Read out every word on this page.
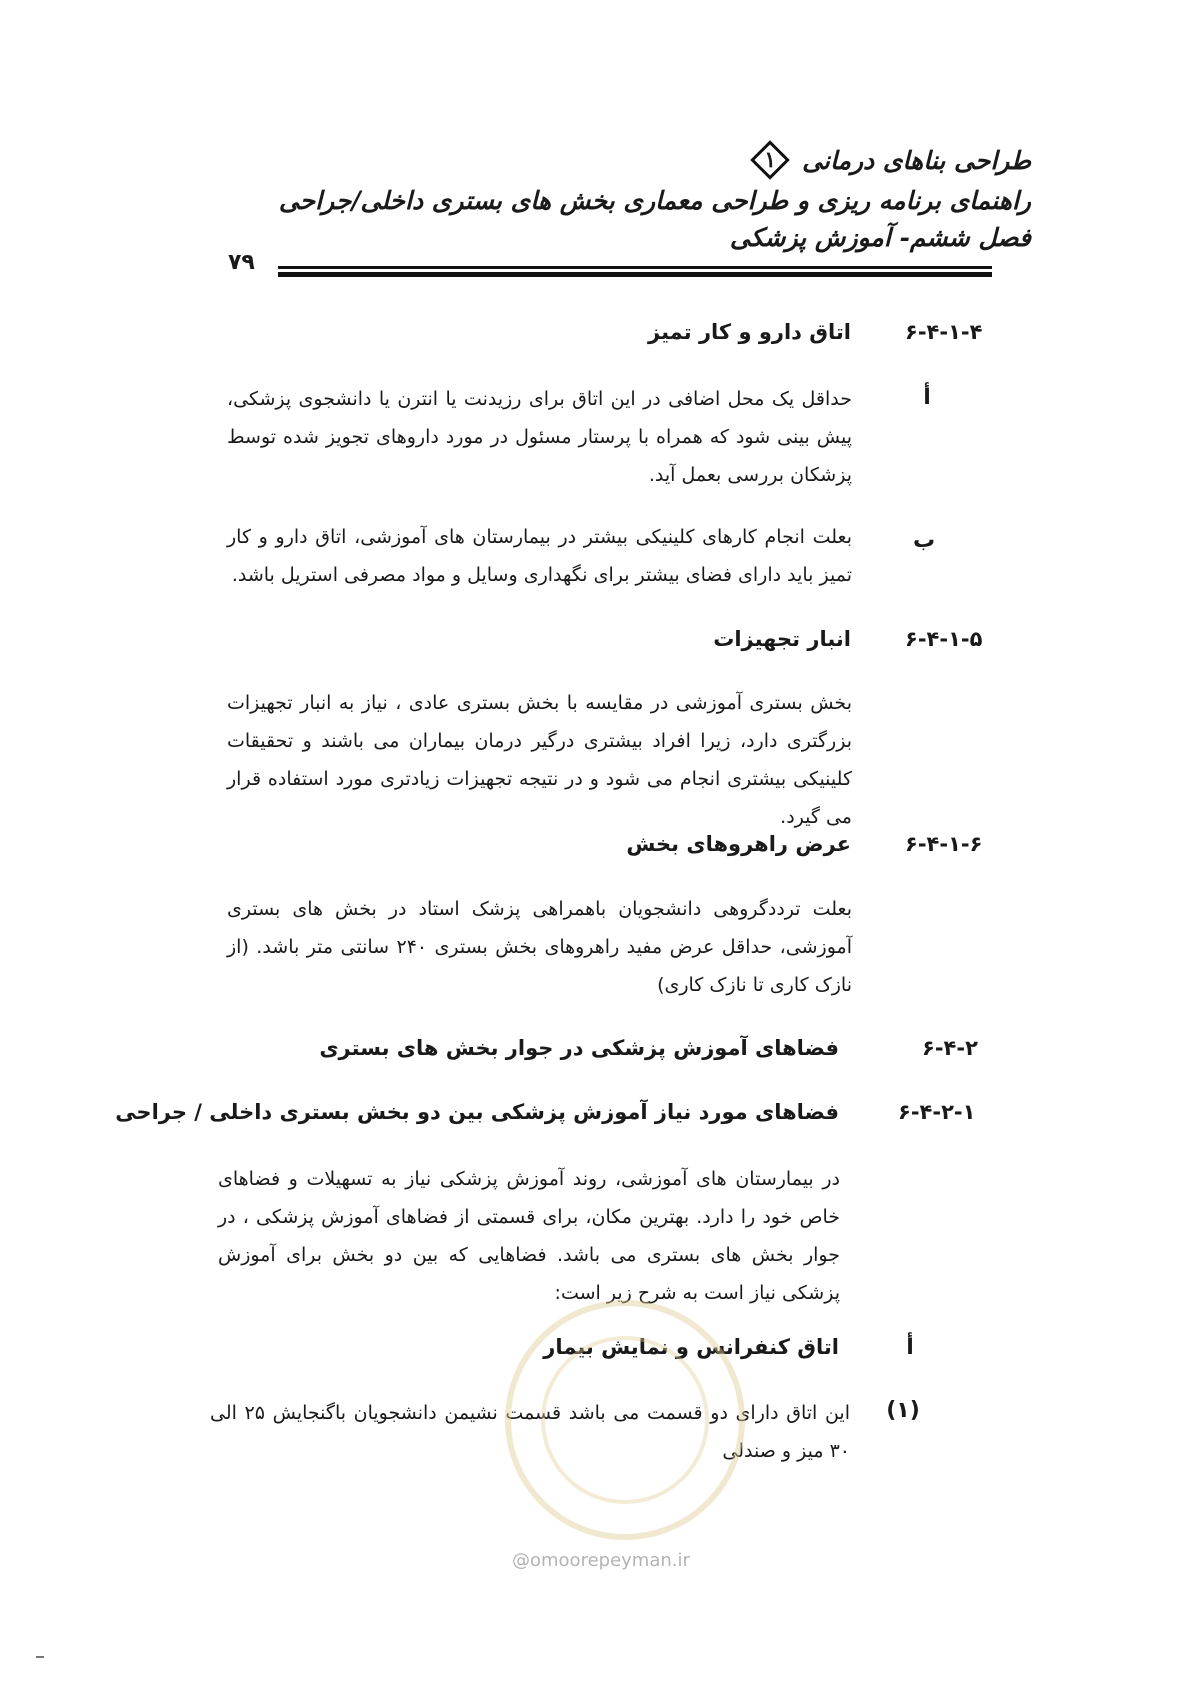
طراحی بناهای درمانی
۱
راهنمای برنامه ریزی و طراحی معماری بخش های بستری داخلی/جراحی
فصل ششم- آموزش پزشکی
۷۹
۶-۴-۱-۴
اتاق دارو و کار تمیز
أ
حداقل یک محل اضافی در این اتاق برای رزیدنت یا انترن یا دانشجوی پزشکی، پیش بینی شود که همراه با پرستار مسئول در مورد داروهای تجویز شده توسط پزشکان بررسی بعمل آید.
ب
بعلت انجام کارهای کلینیکی بیشتر در بیمارستان های آموزشی، اتاق دارو و کار تمیز باید دارای فضای بیشتر برای نگهداری وسایل و مواد مصرفی استریل باشد.
۶-۴-۱-۵
انبار تجهیزات
بخش بستری آموزشی در مقایسه با بخش بستری عادی ، نیاز به انبار تجهیزات بزرگتری دارد، زیرا افراد بیشتری درگیر درمان بیماران می باشند و تحقیقات کلینیکی بیشتری انجام می شود و در نتیجه تجهیزات زیادتری مورد استفاده قرار می گیرد.
۶-۴-۱-۶
عرض راهروهای بخش
بعلت ترددگروهی دانشجویان باهمراهی پزشک استاد در بخش های بستری آموزشی، حداقل عرض مفید راهروهای بخش بستری ۲۴۰ سانتی متر باشد. (از نازک کاری تا نازک کاری)
۶-۴-۲
فضاهای آموزش پزشکی در جوار بخش های بستری
۶-۴-۲-۱
فضاهای مورد نیاز آموزش پزشکی بین دو بخش بستری داخلی / جراحی
در بیمارستان های آموزشی، روند آموزش پزشکی نیاز به تسهیلات و فضاهای خاص خود را دارد. بهترین مکان، برای قسمتی از فضاهای آموزش پزشکی ، در جوار بخش های بستری می باشد. فضاهایی که بین دو بخش برای آموزش پزشکی نیاز است به شرح زیر است:
أ
اتاق کنفرانس و نمایش بیمار
(۱)
این اتاق دارای دو قسمت می باشد قسمت نشیمن دانشجویان باگنجایش ۲۵ الی ۳۰ میز و صندلی
@omoorepeyman.ir
